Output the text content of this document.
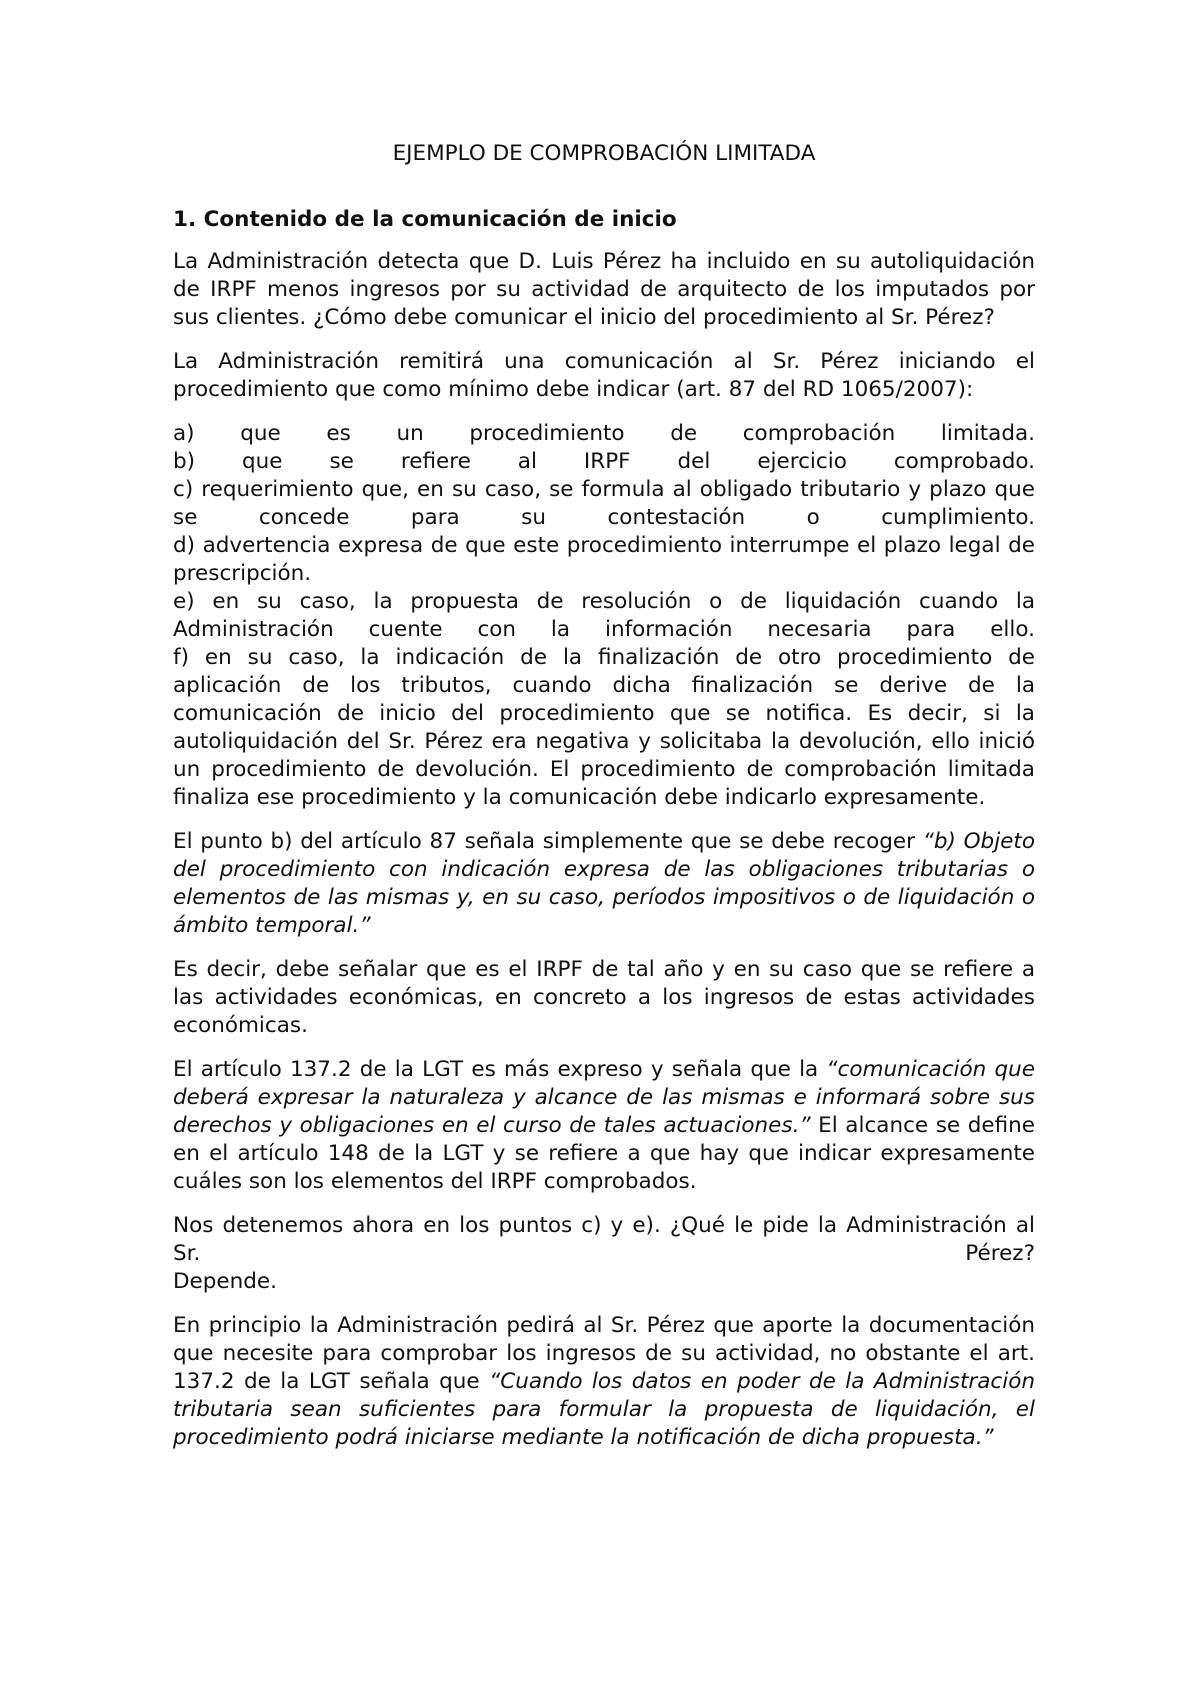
EJEMPLO DE COMPROBACIÓN LIMITADA
1. Contenido de la comunicación de inicio

La Administración detecta que D. Luis Pérez ha incluido en su autoliquidación de IRPF menos ingresos por su actividad de arquitecto de los imputados por sus clientes. ¿Cómo debe comunicar el inicio del procedimiento al Sr. Pérez?

La Administración remitirá una comunicación al Sr. Pérez iniciando el procedimiento que como mínimo debe indicar (art. 87 del RD 1065/2007):

a) que es un procedimiento de comprobación limitada.
b) que se refiere al IRPF del ejercicio comprobado.
c) requerimiento que, en su caso, se formula al obligado tributario y plazo que se concede para su contestación o cumplimiento.
d) advertencia expresa de que este procedimiento interrumpe el plazo legal de prescripción.
e) en su caso, la propuesta de resolución o de liquidación cuando la Administración cuente con la información necesaria para ello.
f) en su caso, la indicación de la finalización de otro procedimiento de aplicación de los tributos, cuando dicha finalización se derive de la comunicación de inicio del procedimiento que se notifica. Es decir, si la autoliquidación del Sr. Pérez era negativa y solicitaba la devolución, ello inició un procedimiento de devolución. El procedimiento de comprobación limitada finaliza ese procedimiento y la comunicación debe indicarlo expresamente.

El punto b) del artículo 87 señala simplemente que se debe recoger “b) Objeto del procedimiento con indicación expresa de las obligaciones tributarias o elementos de las mismas y, en su caso, períodos impositivos o de liquidación o ámbito temporal.”

Es decir, debe señalar que es el IRPF de tal año y en su caso que se refiere a las actividades económicas, en concreto a los ingresos de estas actividades económicas.

El artículo 137.2 de la LGT es más expreso y señala que la “comunicación que deberá expresar la naturaleza y alcance de las mismas e informará sobre sus derechos y obligaciones en el curso de tales actuaciones.” El alcance se define en el artículo 148 de la LGT y se refiere a que hay que indicar expresamente cuáles son los elementos del IRPF comprobados.

Nos detenemos ahora en los puntos c) y e). ¿Qué le pide la Administración al Sr. Pérez?
Depende.

En principio la Administración pedirá al Sr. Pérez que aporte la documentación que necesite para comprobar los ingresos de su actividad, no obstante el art. 137.2 de la LGT señala que “Cuando los datos en poder de la Administración tributaria sean suficientes para formular la propuesta de liquidación, el procedimiento podrá iniciarse mediante la notificación de dicha propuesta.”
